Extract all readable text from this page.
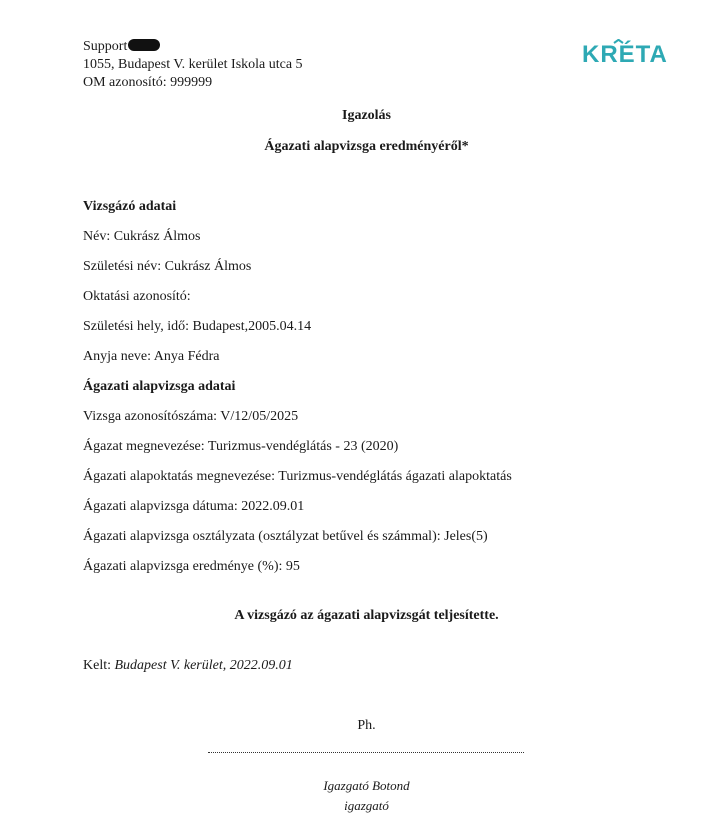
Support
1055, Budapest V. kerület Iskola utca 5
OM azonosító: 999999
KRÉTA
Igazolás
Ágazati alapvizsga eredményéről*
Vizsgázó adatai
Név: Cukrász Álmos
Születési név: Cukrász Álmos
Oktatási azonosító:
Születési hely, idő: Budapest,2005.04.14
Anyja neve: Anya Fédra
Ágazati alapvizsga adatai
Vizsga azonosítószáma: V/12/05/2025
Ágazat megnevezése: Turizmus-vendéglátás - 23 (2020)
Ágazati alapoktatás megnevezése: Turizmus-vendéglátás ágazati alapoktatás
Ágazati alapvizsga dátuma: 2022.09.01
Ágazati alapvizsga osztályzata (osztályzat betűvel és számmal): Jeles(5)
Ágazati alapvizsga eredménye (%): 95
A vizsgázó az ágazati alapvizsgát teljesítette.
Kelt: Budapest V. kerület, 2022.09.01
Ph.
Igazgató Botond
igazgató
